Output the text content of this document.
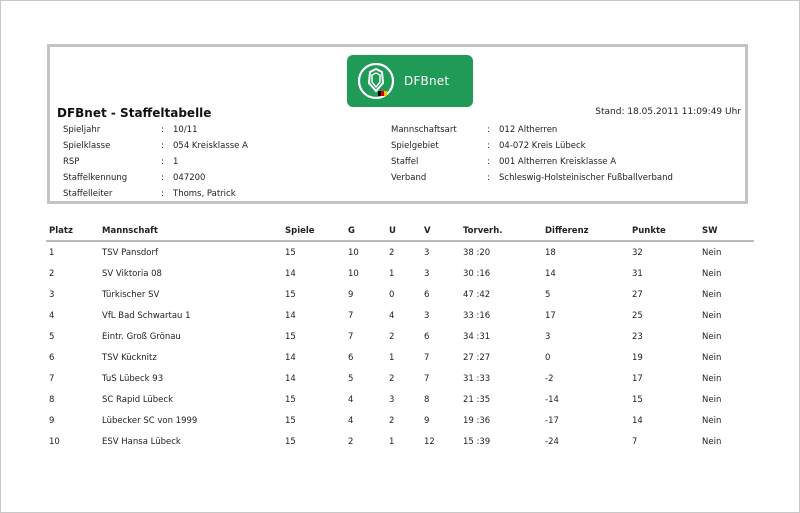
DFBnet
DFBnet - Staffeltabelle	Stand: 18.05.2011 11:09:49 Uhr
Spieljahr	:	10/11
Spielklasse	:	054 Kreisklasse A
RSP	:	1
Staffelkennung	:	047200
Staffelleiter	:	Thoms, Patrick
Mannschaftsart	:	012 Altherren
Spielgebiet	:	04-072 Kreis Lübeck
Staffel	:	001 Altherren Kreisklasse A
Verband	:	Schleswig-Holsteinischer Fußballverband
Platz	Mannschaft	Spiele	G	U	V	Torverh.	Differenz	Punkte	SW
1	TSV Pansdorf	15	10	2	3	38 :20	18	32	Nein
2	SV Viktoria 08	14	10	1	3	30 :16	14	31	Nein
3	Türkischer SV	15	9	0	6	47 :42	5	27	Nein
4	VfL Bad Schwartau 1	14	7	4	3	33 :16	17	25	Nein
5	Eintr. Groß Grönau	15	7	2	6	34 :31	3	23	Nein
6	TSV Kücknitz	14	6	1	7	27 :27	0	19	Nein
7	TuS Lübeck 93	14	5	2	7	31 :33	-2	17	Nein
8	SC Rapid Lübeck	15	4	3	8	21 :35	-14	15	Nein
9	Lübecker SC von 1999	15	4	2	9	19 :36	-17	14	Nein
10	ESV Hansa Lübeck	15	2	1	12	15 :39	-24	7	Nein
